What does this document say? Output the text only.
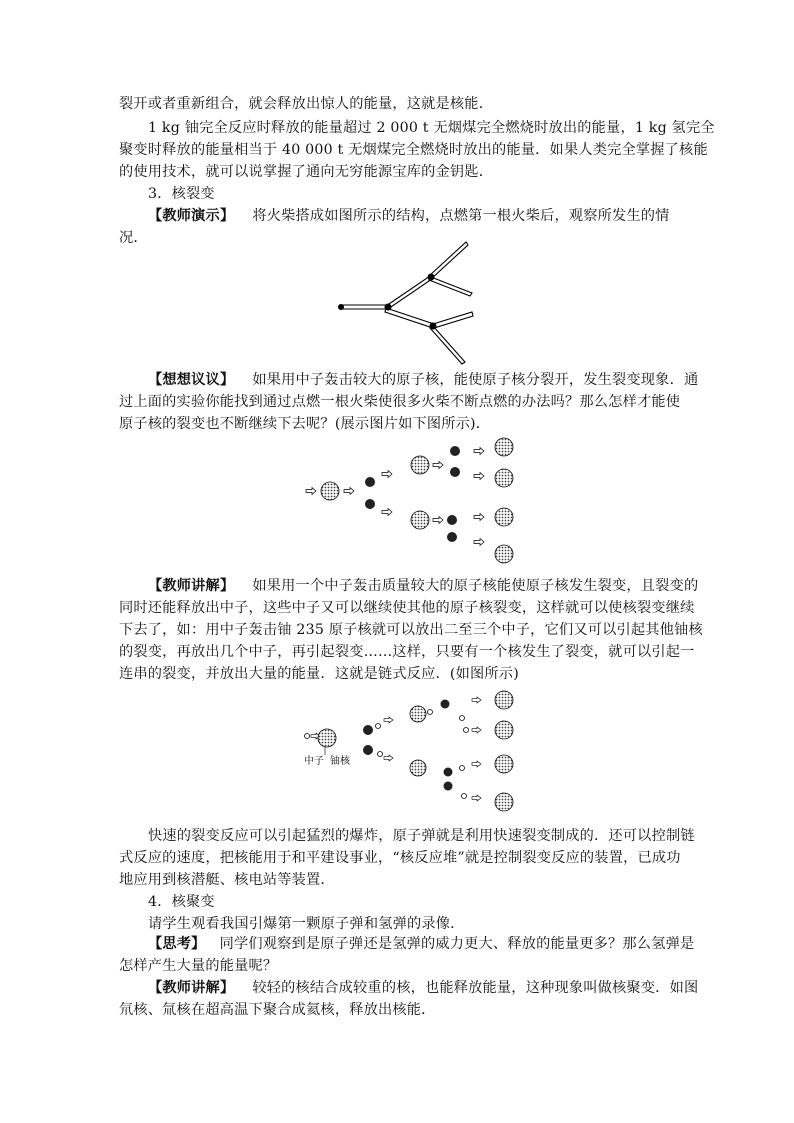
裂开或者重新组合，就会释放出惊人的能量，这就是核能．
1 kg 铀完全反应时释放的能量超过 2 000 t 无烟煤完全燃烧时放出的能量，1 kg 氢完全
聚变时释放的能量相当于 40 000 t 无烟煤完全燃烧时放出的能量．如果人类完全掌握了核能
的使用技术，就可以说掌握了通向无穷能源宝库的金钥匙．
3．核裂变
【教师演示】 将火柴搭成如图所示的结构，点燃第一根火柴后，观察所发生的情
况．
【想想议议】 如果用中子轰击较大的原子核，能使原子核分裂开，发生裂变现象．通
过上面的实验你能找到通过点燃一根火柴使很多火柴不断点燃的办法吗？那么怎样才能使
原子核的裂变也不断继续下去呢？(展示图片如下图所示)．
【教师讲解】 如果用一个中子轰击质量较大的原子核能使原子核发生裂变，且裂变的
同时还能释放出中子，这些中子又可以继续使其他的原子核裂变，这样就可以使核裂变继续
下去了，如：用中子轰击铀 235 原子核就可以放出二至三个中子，它们又可以引起其他铀核
的裂变，再放出几个中子，再引起裂变……这样，只要有一个核发生了裂变，就可以引起一
连串的裂变，并放出大量的能量．这就是链式反应．(如图所示)
中子 铀核
快速的裂变反应可以引起猛烈的爆炸，原子弹就是利用快速裂变制成的．还可以控制链
式反应的速度，把核能用于和平建设事业，“核反应堆”就是控制裂变反应的装置，已成功
地应用到核潜艇、核电站等装置．
4．核聚变
请学生观看我国引爆第一颗原子弹和氢弹的录像．
【思考】 同学们观察到是原子弹还是氢弹的威力更大、释放的能量更多？那么氢弹是
怎样产生大量的能量呢？
【教师讲解】 较轻的核结合成较重的核，也能释放能量，这种现象叫做核聚变．如图
氘核、氚核在超高温下聚合成氦核，释放出核能．
